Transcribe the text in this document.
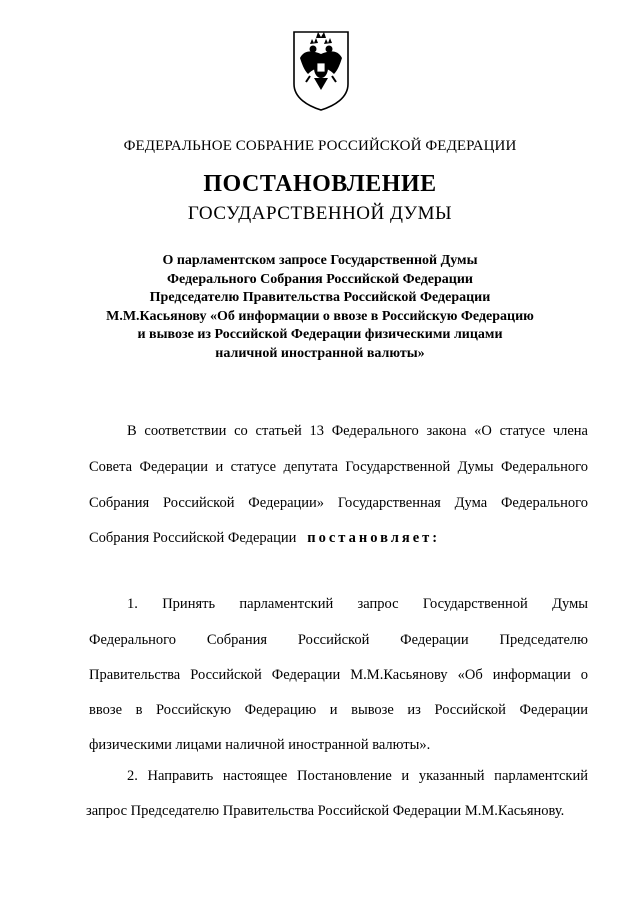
ФЕДЕРАЛЬНОЕ СОБРАНИЕ РОССИЙСКОЙ ФЕДЕРАЦИИ
ПОСТАНОВЛЕНИЕ
ГОСУДАРСТВЕННОЙ ДУМЫ
О парламентском запросе Государственной Думы
Федерального Собрания Российской Федерации
Председателю Правительства Российской Федерации
М.М.Касьянову «Об информации о ввозе в Российскую Федерацию
и вывозе из Российской Федерации физическими лицами
наличной иностранной валюты»
В соответствии со статьей 13 Федерального закона «О статусе члена
Совета Федерации и статусе депутата Государственной Думы Федерального
Собрания Российской Федерации» Государственная Дума Федерального
Собрания Российской Федерации постановляет:
1. Принять парламентский запрос Государственной Думы
Федерального Собрания Российской Федерации Председателю
Правительства Российской Федерации М.М.Касьянову «Об информации о
ввозе в Российскую Федерацию и вывозе из Российской Федерации
физическими лицами наличной иностранной валюты».
2. Направить настоящее Постановление и указанный парламентский
запрос Председателю Правительства Российской Федерации М.М.Касьянову.
